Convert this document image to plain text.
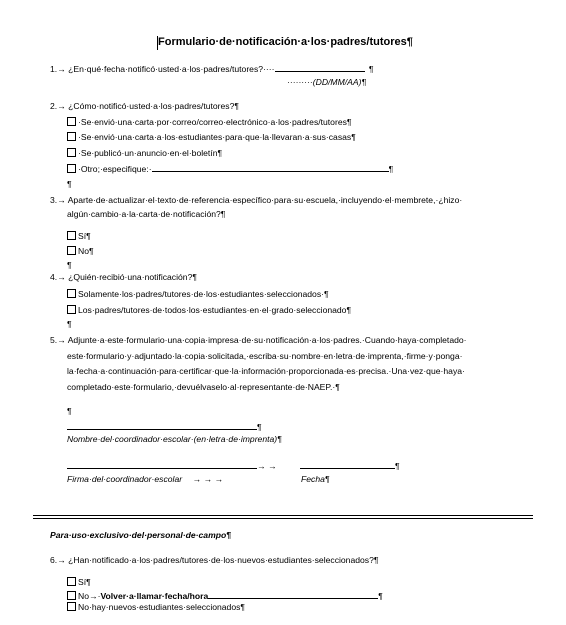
Formulario·de·notificación·a·los·padres/tutores¶
1.→ ¿En·qué·fecha·notificó·usted·a·los·padres/tutores?····	¶
·········(DD/MM/AA)¶
2.→ ¿Cómo·notificó·usted·a·los·padres/tutores?¶
·Se·envió·una·carta·por·correo/correo·electrónico·a·los·padres/tutores¶
·Se·envió·una·carta·a·los·estudiantes·para·que·la·llevaran·a·sus·casas¶
·Se·publicó·un·anuncio·en·el·boletín¶
·Otro;·especifique:·	¶
¶
3.→ Aparte·de·actualizar·el·texto·de·referencia·específico·para·su·escuela,·incluyendo·el·membrete,·¿hizo·
algún·cambio·a·la·carta·de·notificación?¶
Sí¶
No¶
¶
4.→ ¿Quién·recibió·una·notificación?¶
Solamente·los·padres/tutores·de·los·estudiantes·seleccionados·¶
Los·padres/tutores·de·todos·los·estudiantes·en·el·grado·seleccionado¶
¶
5.→ Adjunte·a·este·formulario·una·copia·impresa·de·su·notificación·a·los·padres.·Cuando·haya·completado·
este·formulario·y·adjuntado·la·copia·solicitada,·escriba·su·nombre·en·letra·de·imprenta,·firme·y·ponga·
la·fecha·a·continuación·para·certificar·que·la·información·proporcionada·es·precisa.·Una·vez·que·haya·
completado·este·formulario,·devuélvaselo·al·representante·de·NAEP.·¶
¶
¶
Nombre·del·coordinador·escolar·(en·letra·de·imprenta)¶
→ →	¶
Firma·del·coordinador·escolar → → →	Fecha¶
Para·uso·exclusivo·del·personal·de·campo¶
6.→ ¿Han·notificado·a·los·padres/tutores·de·los·nuevos·estudiantes·seleccionados?¶
Sí¶
No→·Volver·a·llamar·fecha/hora	¶
No·hay·nuevos·estudiantes·seleccionados¶
